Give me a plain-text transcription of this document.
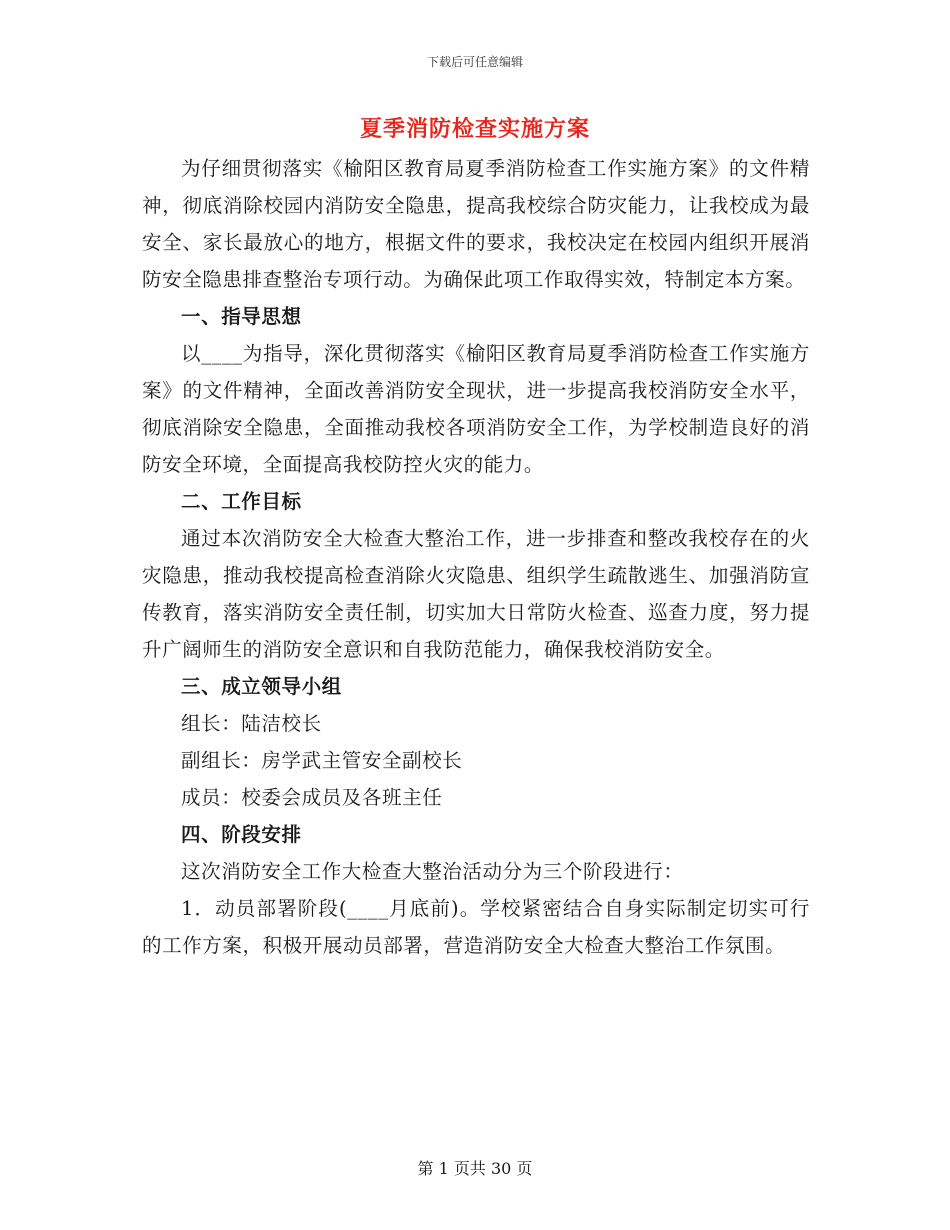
下载后可任意编辑
夏季消防检查实施方案

为仔细贯彻落实《榆阳区教育局夏季消防检查工作实施方案》的文件精神，彻底消除校园内消防安全隐患，提高我校综合防灾能力，让我校成为最安全、家长最放心的地方，根据文件的要求，我校决定在校园内组织开展消防安全隐患排查整治专项行动。为确保此项工作取得实效，特制定本方案。

一、指导思想

以____为指导，深化贯彻落实《榆阳区教育局夏季消防检查工作实施方案》的文件精神，全面改善消防安全现状，进一步提高我校消防安全水平，彻底消除安全隐患，全面推动我校各项消防安全工作，为学校制造良好的消防安全环境，全面提高我校防控火灾的能力。

二、工作目标

通过本次消防安全大检查大整治工作，进一步排查和整改我校存在的火灾隐患，推动我校提高检查消除火灾隐患、组织学生疏散逃生、加强消防宣传教育，落实消防安全责任制，切实加大日常防火检查、巡查力度，努力提升广阔师生的消防安全意识和自我防范能力，确保我校消防安全。

三、成立领导小组

组长：陆洁校长

副组长：房学武主管安全副校长

成员：校委会成员及各班主任

四、阶段安排

这次消防安全工作大检查大整治活动分为三个阶段进行：

1．动员部署阶段(____月底前)。学校紧密结合自身实际制定切实可行的工作方案，积极开展动员部署，营造消防安全大检查大整治工作氛围。

第 1 页共 30 页
